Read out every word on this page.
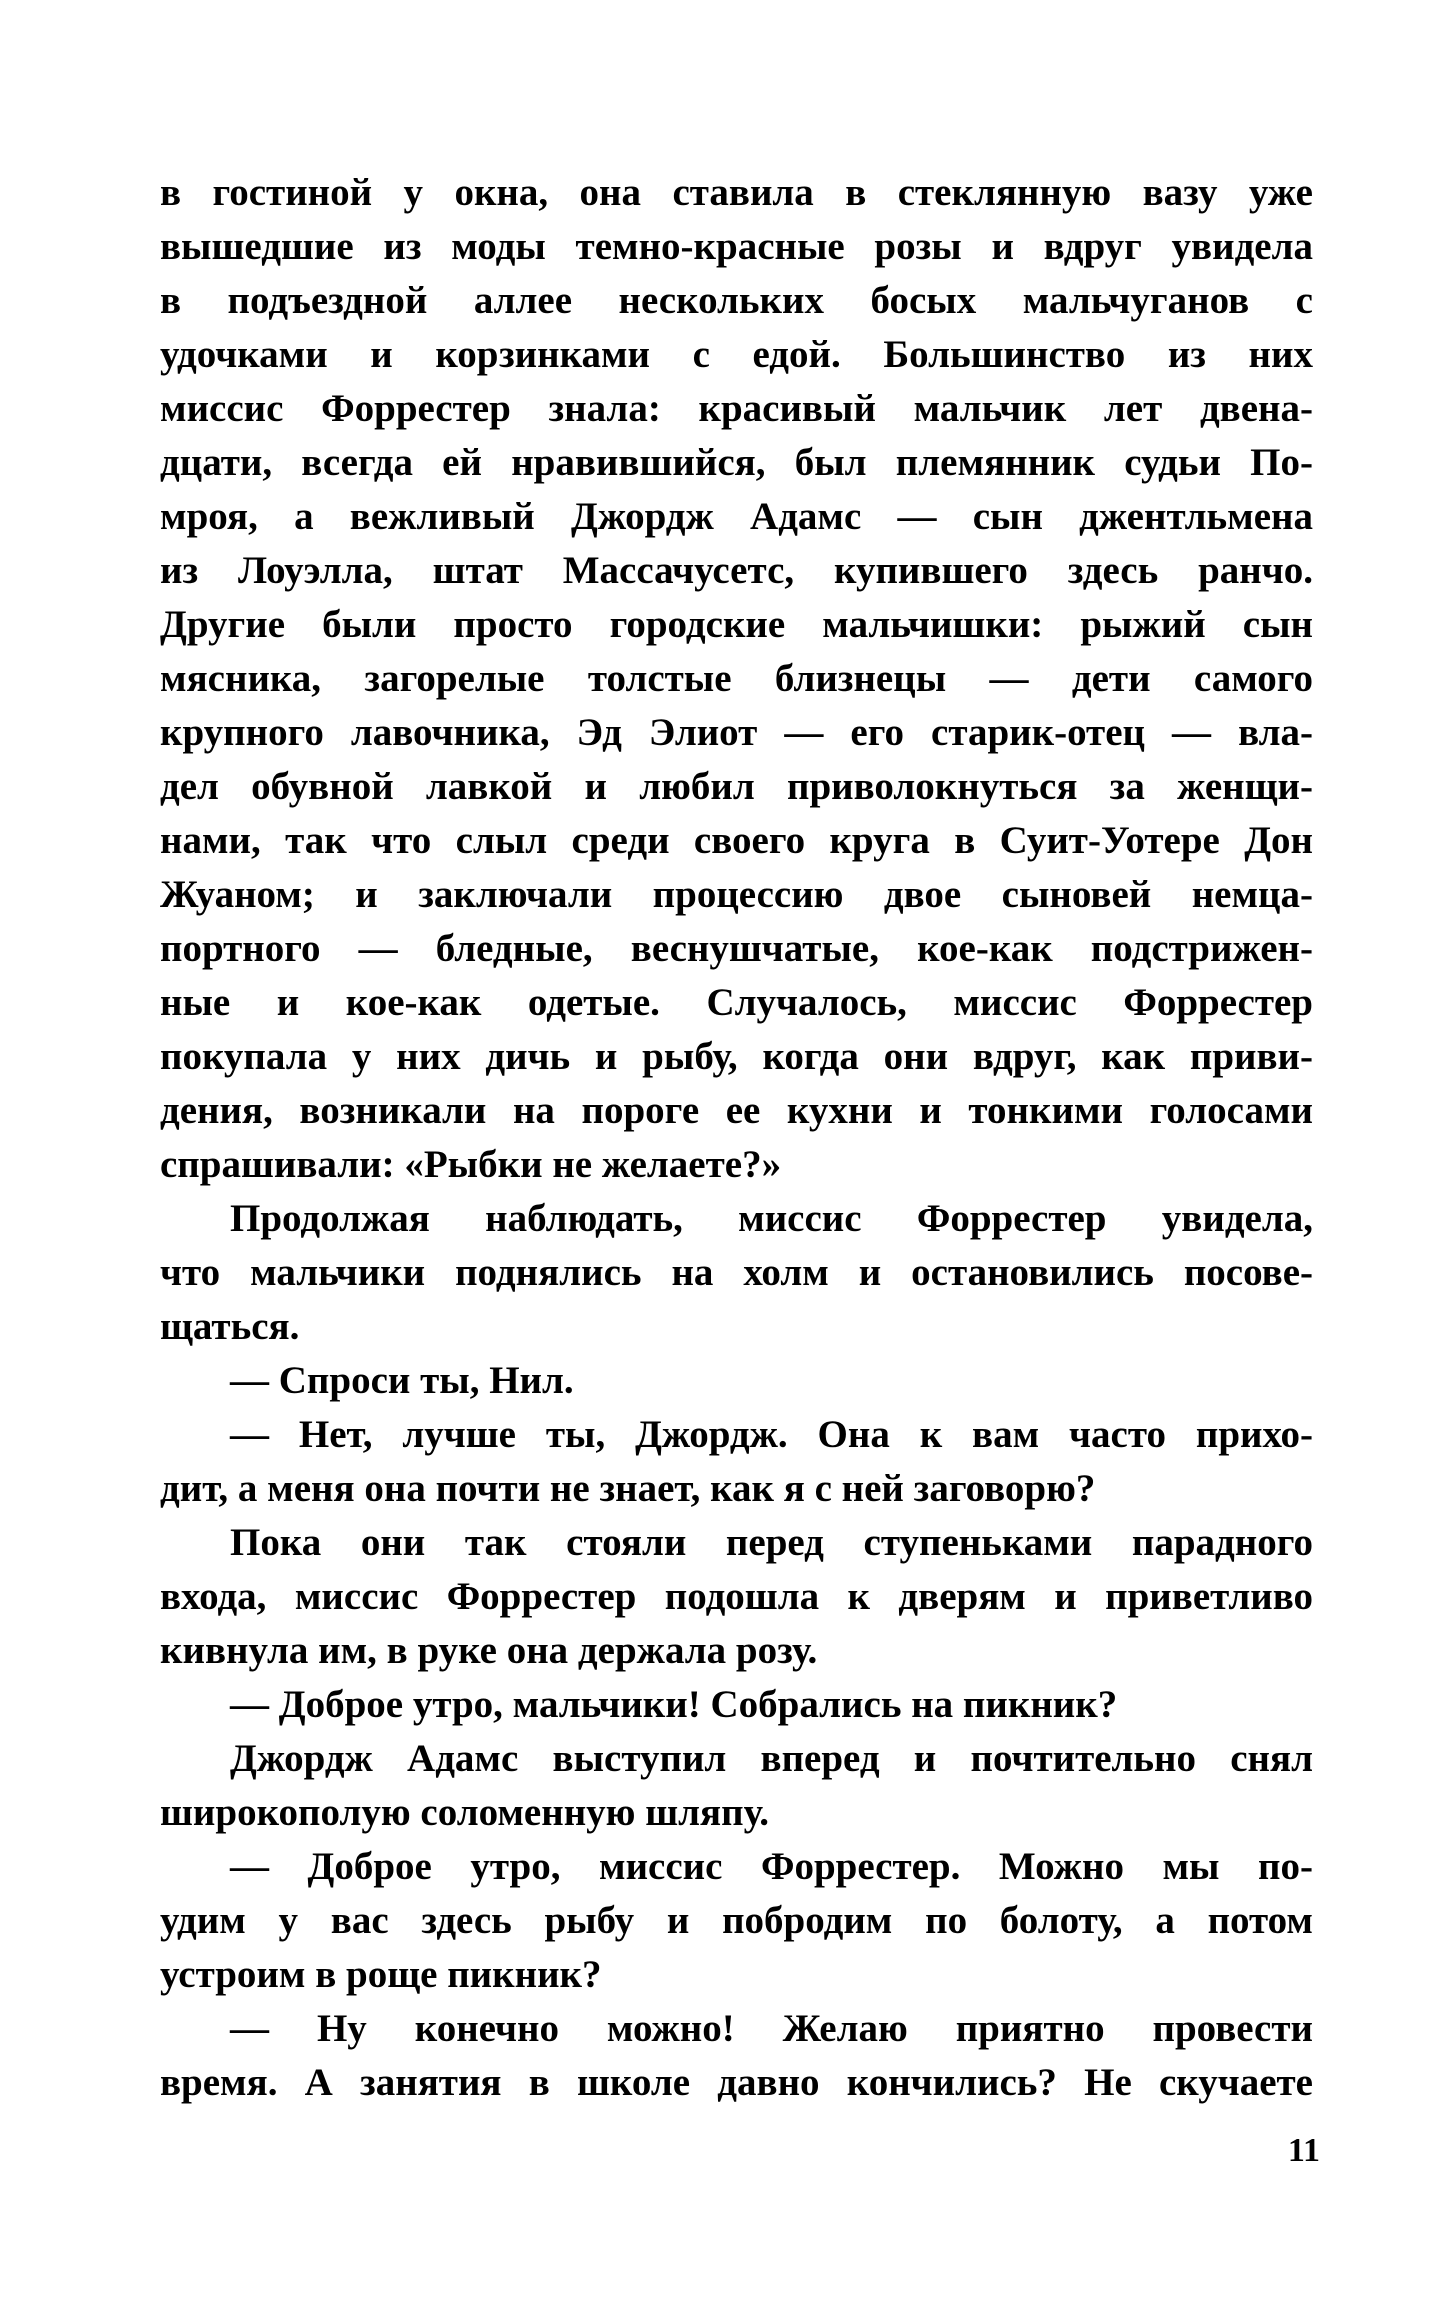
в гостиной у окна, она ставила в стеклянную вазу уже
вышедшие из моды темно-красные розы и вдруг увидела
в подъездной аллее нескольких босых мальчуганов с
удочками и корзинками с едой. Большинство из них
миссис Форрестер знала: красивый мальчик лет двена-
дцати, всегда ей нравившийся, был племянник судьи По-
мроя, а вежливый Джордж Адамс — сын джентльмена
из Лоуэлла, штат Массачусетс, купившего здесь ранчо.
Другие были просто городские мальчишки: рыжий сын
мясника, загорелые толстые близнецы — дети самого
крупного лавочника, Эд Элиот — его старик-отец — вла-
дел обувной лавкой и любил приволокнуться за женщи-
нами, так что слыл среди своего круга в Суит-Уотере Дон
Жуаном; и заключали процессию двое сыновей немца-
портного — бледные, веснушчатые, кое-как подстрижен-
ные и кое-как одетые. Случалось, миссис Форрестер
покупала у них дичь и рыбу, когда они вдруг, как приви-
дения, возникали на пороге ее кухни и тонкими голосами
спрашивали: «Рыбки не желаете?»
Продолжая наблюдать, миссис Форрестер увидела,
что мальчики поднялись на холм и остановились посове-
щаться.
— Спроси ты, Нил.
— Нет, лучше ты, Джордж. Она к вам часто прихо-
дит, а меня она почти не знает, как я с ней заговорю?
Пока они так стояли перед ступеньками парадного
входа, миссис Форрестер подошла к дверям и приветливо
кивнула им, в руке она держала розу.
— Доброе утро, мальчики! Собрались на пикник?
Джордж Адамс выступил вперед и почтительно снял
широкополую соломенную шляпу.
— Доброе утро, миссис Форрестер. Можно мы по-
удим у вас здесь рыбу и побродим по болоту, а потом
устроим в роще пикник?
— Ну конечно можно! Желаю приятно провести
время. А занятия в школе давно кончились? Не скучаете
11
